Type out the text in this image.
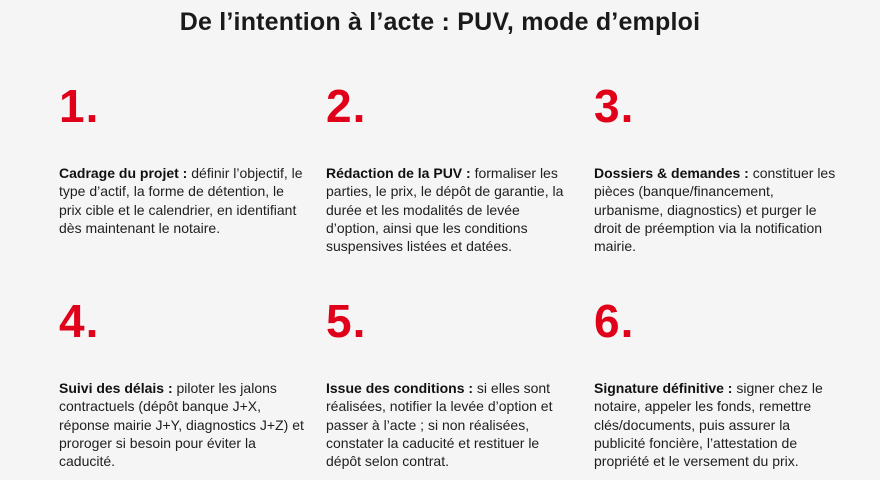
De l’intention à l’acte : PUV, mode d’emploi
1.
Cadrage du projet : définir l’objectif, le type d’actif, la forme de détention, le prix cible et le calendrier, en identifiant dès maintenant le notaire.
2.
Rédaction de la PUV : formaliser les parties, le prix, le dépôt de garantie, la durée et les modalités de levée d’option, ainsi que les conditions suspensives listées et datées.
3.
Dossiers & demandes : constituer les pièces (banque/financement, urbanisme, diagnostics) et purger le droit de préemption via la notification mairie.
4.
Suivi des délais : piloter les jalons contractuels (dépôt banque J+X, réponse mairie J+Y, diagnostics J+Z) et proroger si besoin pour éviter la caducité.
5.
Issue des conditions : si elles sont réalisées, notifier la levée d’option et passer à l’acte ; si non réalisées, constater la caducité et restituer le dépôt selon contrat.
6.
Signature définitive : signer chez le notaire, appeler les fonds, remettre clés/documents, puis assurer la publicité foncière, l’attestation de propriété et le versement du prix.
